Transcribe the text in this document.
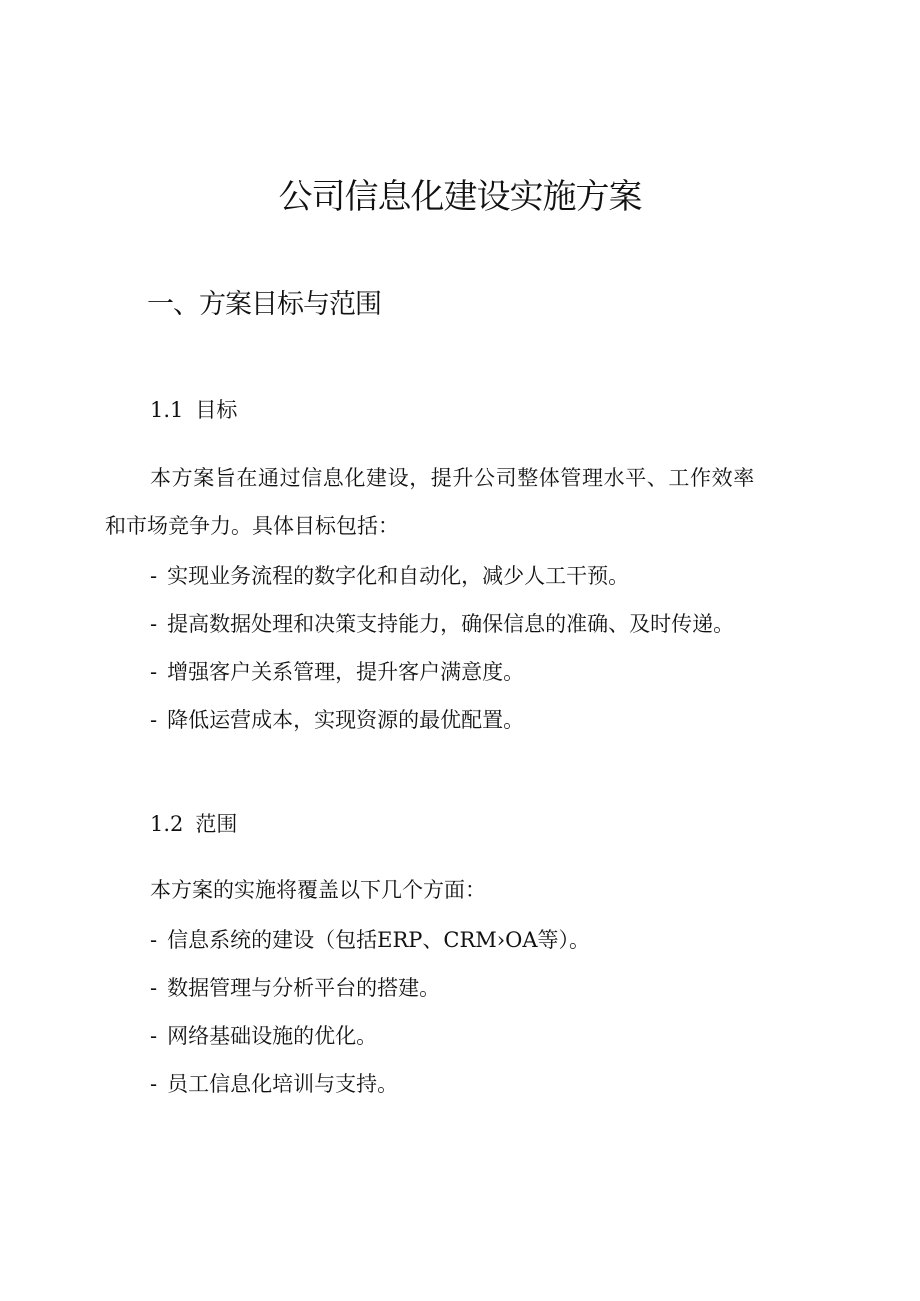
公司信息化建设实施方案
一、方案目标与范围
1.1 目标
本方案旨在通过信息化建设，提升公司整体管理水平、工作效率
和市场竞争力。具体目标包括：
- 实现业务流程的数字化和自动化，减少人工干预。
- 提高数据处理和决策支持能力，确保信息的准确、及时传递。
- 增强客户关系管理，提升客户满意度。
- 降低运营成本，实现资源的最优配置。
1.2 范围
本方案的实施将覆盖以下几个方面：
- 信息系统的建设（包括ERP、CRM›OA等）。
- 数据管理与分析平台的搭建。
- 网络基础设施的优化。
- 员工信息化培训与支持。
